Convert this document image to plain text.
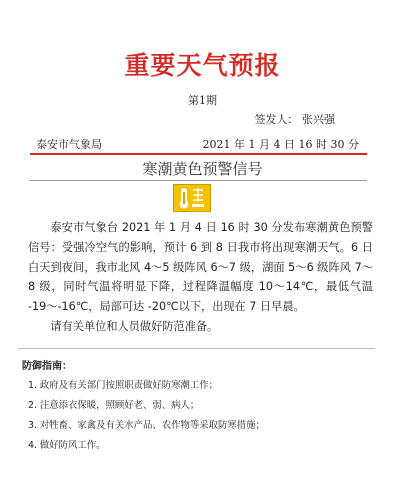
重要天气预报
第1期
签发人： 张兴强
泰安市气象局	2021 年 1 月 4 日 16 时 30 分
寒潮黄色预警信号

泰安市气象台 2021 年 1 月 4 日 16 时 30 分发布寒潮黄色预警信号：受强冷空气的影响，预计 6 到 8 日我市将出现寒潮天气。6 日白天到夜间，我市北风 4～5 级阵风 6～7 级，湖面 5～6 级阵风 7～8 级，同时气温将明显下降，过程降温幅度 10～14℃，最低气温 -19～-16℃，局部可达 -20℃以下，出现在 7 日早晨。

请有关单位和人员做好防范准备。

防御指南：
1. 政府及有关部门按照职责做好防寒潮工作；
2. 注意添衣保暖，照顾好老、弱、病人；
3. 对牲畜、家禽及有关水产品、农作物等采取防寒措施；
4. 做好防风工作。
